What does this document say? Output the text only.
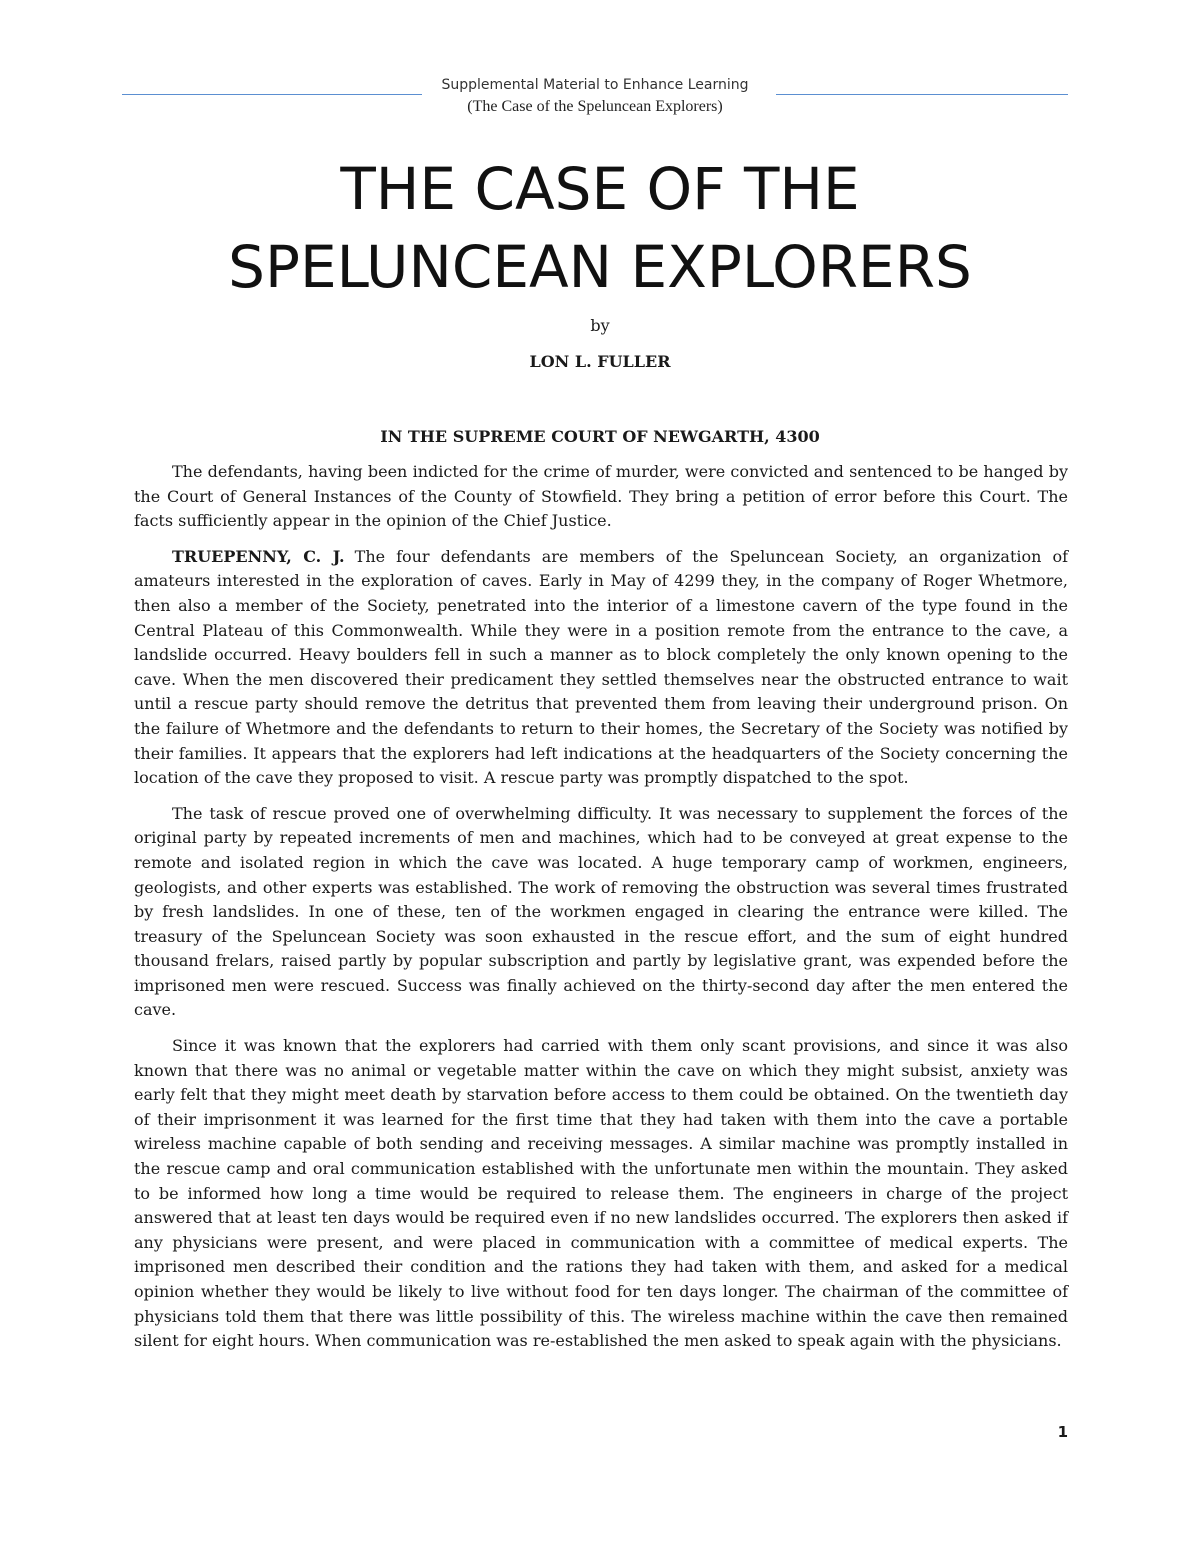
Supplemental Material to Enhance Learning
(The Case of the Speluncean Explorers)
THE CASE OF THE
SPELUNCEAN EXPLORERS
by
LON L. FULLER
IN THE SUPREME COURT OF NEWGARTH, 4300

The defendants, having been indicted for the crime of murder, were convicted and sentenced to be hanged by the Court of General Instances of the County of Stowfield. They bring a petition of error before this Court. The facts sufficiently appear in the opinion of the Chief Justice.

TRUEPENNY, C. J. The four defendants are members of the Speluncean Society, an organization of amateurs interested in the exploration of caves. Early in May of 4299 they, in the company of Roger Whetmore, then also a member of the Society, penetrated into the interior of a limestone cavern of the type found in the Central Plateau of this Commonwealth. While they were in a position remote from the entrance to the cave, a landslide occurred. Heavy boulders fell in such a manner as to block completely the only known opening to the cave. When the men discovered their predicament they settled themselves near the obstructed entrance to wait until a rescue party should remove the detritus that prevented them from leaving their underground prison. On the failure of Whetmore and the defendants to return to their homes, the Secretary of the Society was notified by their families. It appears that the explorers had left indications at the headquarters of the Society concerning the location of the cave they proposed to visit. A rescue party was promptly dispatched to the spot.

The task of rescue proved one of overwhelming difficulty. It was necessary to supplement the forces of the original party by repeated increments of men and machines, which had to be conveyed at great expense to the remote and isolated region in which the cave was located. A huge temporary camp of workmen, engineers, geologists, and other experts was established. The work of removing the obstruction was several times frustrated by fresh landslides. In one of these, ten of the workmen engaged in clearing the entrance were killed. The treasury of the Speluncean Society was soon exhausted in the rescue effort, and the sum of eight hundred thousand frelars, raised partly by popular subscription and partly by legislative grant, was expended before the imprisoned men were rescued. Success was finally achieved on the thirty-second day after the men entered the cave.

Since it was known that the explorers had carried with them only scant provisions, and since it was also known that there was no animal or vegetable matter within the cave on which they might subsist, anxiety was early felt that they might meet death by starvation before access to them could be obtained. On the twentieth day of their imprisonment it was learned for the first time that they had taken with them into the cave a portable wireless machine capable of both sending and receiving messages. A similar machine was promptly installed in the rescue camp and oral communication established with the unfortunate men within the mountain. They asked to be informed how long a time would be required to release them. The engineers in charge of the project answered that at least ten days would be required even if no new landslides occurred. The explorers then asked if any physicians were present, and were placed in communication with a committee of medical experts. The imprisoned men described their condition and the rations they had taken with them, and asked for a medical opinion whether they would be likely to live without food for ten days longer. The chairman of the committee of physicians told them that there was little possibility of this. The wireless machine within the cave then remained silent for eight hours. When communication was re-established the men asked to speak again with the physicians.

1
